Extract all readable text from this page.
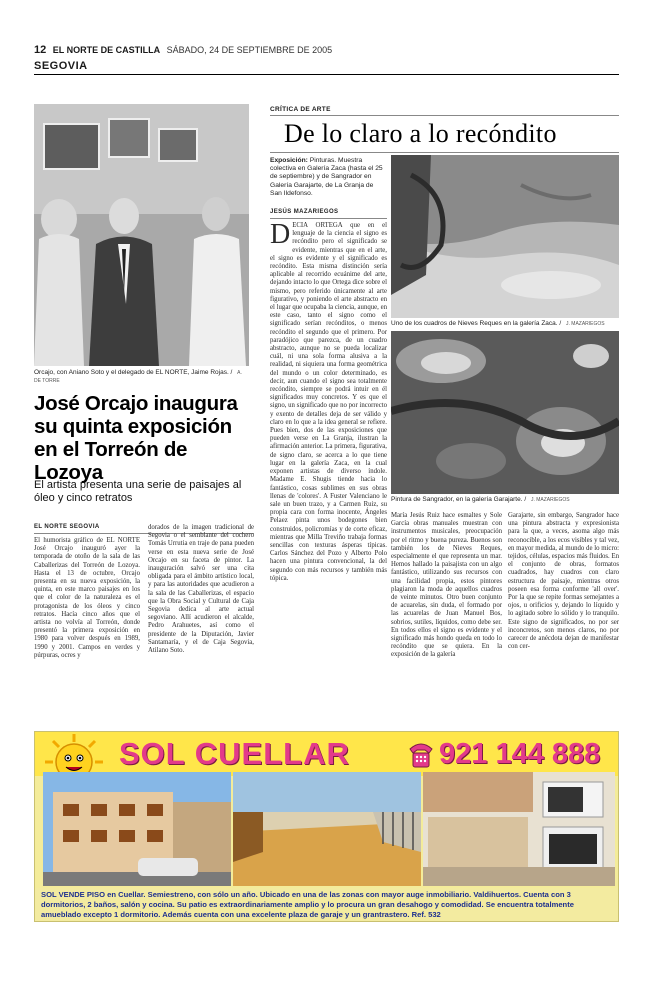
12 EL NORTE DE CASTILLA SÁBADO, 24 DE SEPTIEMBRE DE 2005
SEGOVIA
Orcajo, con Aniano Soto y el delegado de EL NORTE, Jaime Rojas. / A. DE TORRE
José Orcajo inaugura su quinta exposición en el Torreón de Lozoya
El artista presenta una serie de paisajes al óleo y cinco retratos
EL NORTE SEGOVIA

El humorista gráfico de EL NORTE José Orcajo inauguró ayer la temporada de otoño de la sala de las Caballerizas del Torreón de Lozoya. Hasta el 13 de octubre, Orcajo presenta en su nueva exposición, la quinta, en este marco paisajes en los que el color de la naturaleza es el protagonista de los óleos y cinco retratos. Hacía cinco años que el artista no volvía al Torreón, donde presentó la primera exposición en 1980 para volver después en 1989, 1990 y 2001. Campos en verdes y púrpuras, ocres y

dorados de la imagen tradicional de Segovia o el semblante del cochero Tomás Urrutia en traje de pana pueden verse en esta nueva serie de José Orcajo en su faceta de pintor. La inauguración salvó ser una cita obligada para el ámbito artístico local, y para las autoridades que acudieron a la sala de las Caballerizas, el espacio que la Obra Social y Cultural de Caja Segovia dedica al arte actual segoviano. Allí acudieron el alcalde, Pedro Arahuetes, así como el presidente de la Diputación, Javier Santamaría, y el de Caja Segovia, Atilano Soto.

CRÍTICA DE ARTE
De lo claro a lo recóndito
Exposición: Pinturas. Muestra colectiva en Galería Zaca (hasta el 25 de septiembre) y de Sangrador en Galería Garajarte, de La Granja de San Ildefonso.
JESÚS MAZARIEGOS

DECÍA ORTEGA que en el lenguaje de la ciencia el signo es recóndito pero el significado se evidente, mientras que en el arte, el signo es evidente y el significado es recóndito. Esta misma distinción sería aplicable al recorrido ecuánime del arte, dejando intacto lo que Ortega dice sobre el mismo, pero referido únicamente al arte figurativo, y poniendo el arte abstracto en el lugar que ocupaba la ciencia, aunque, en este caso, tanto el signo como el significado serían recónditos, o menos recóndito el segundo que el primero. Por paradójico que parezca, de un cuadro abstracto, aunque no se pueda localizar cuál, ni una sola forma alusiva a la realidad, ni siquiera una forma geométrica del mundo o un color determinado, es decir, aun cuando el signo sea totalmente recóndito, siempre se podrá intuir en él significados muy concretos. Y es que el signo, un significado que no por incorrecto y exento de detalles deja de ser válido y claro en lo que a la idea general se refiere. Pues bien, dos de las exposiciones que pueden verse en La Granja, ilustran la afirmación anterior. La primera, figurativa, de signo claro, se acerca a lo que tiene lugar en la galería Zaca, en la cual exponen artistas de diverso índole. Madame E. Shugis tiende hacia lo fantástico, cosas sublimes en sus obras llenas de 'colores'. A Fuster Valenciano le sale un buen trazo, y a Carmen Ruiz, su propia cara con forma inocente, Ángeles Pelaez pinta unos bodegones bien construidos, policromías y de corte eficaz, mientras que Milla Treviño trabaja formas sencillas con texturas ásperas típicas. Carlos Sánchez del Pozo y Alberto Polo hacen una pintura convencional, la del segundo con más recursos y también más tópica.

Uno de los cuadros de Nieves Reques en la galería Zaca. / J. MAZARIEGOS
Pintura de Sangrador, en la galería Garajarte. / J. MAZARIEGOS

María Jesús Ruiz hace esmaltes y Sole García obras manuales muestran con instrumentos musicales, preocupación por el ritmo y buena pureza. Buenos son también los de Nieves Reques, especialmente el que representa un mar. Hemos hallado la paisajista con un algo fantástico, utilizando sus recursos con una facilidad propia, estos pintores plagiaron la moda de aquellos cuadros de veinte minutos. Otro buen conjunto de acuarelas, sin duda, el formado por las acuarelas de Juan Manuel Bos, sobrios, sutiles, líquidos, como debe ser. En todos ellos el signo es evidente y el significado más hondo queda en todo lo recóndito que se quiera. En la exposición de la galería

Garajarte, sin embargo, Sangrador hace una pintura abstracta y expresionista para la que, a veces, asoma algo más reconocible, a los ecos visibles y tal vez, en mayor medida, al mundo de lo micro: tejidos, células, espacios más fluidos. En el conjunto de obras, formatos cuadrados, hay cuadros con claro estructura de paisaje, mientras otros poseen esa forma conforme 'all over'. Por la que se repite formas semejantes a ojos, u orificios y, dejando lo líquido y lo agitado sobre lo sólido y lo tranquilo. Este signo de significados, no por ser inconcretos, son menos claros, no por carecer de anécdota dejan de manifestar con cer-

SOL CUELLAR	921 144 888
SOL VENDE PISO en Cuellar. Semiestreno, con sólo un año. Ubicado en una de las zonas con mayor auge inmobiliario. Valdihuertos. Cuenta con 3 dormitorios, 2 baños, salón y cocina. Su patio es extraordinariamente amplio y lo procura un gran desahogo y comodidad. Se encuentra totalmente amueblado excepto 1 dormitorio. Además cuenta con una excelente plaza de garaje y un grantrastero. Ref. 532
